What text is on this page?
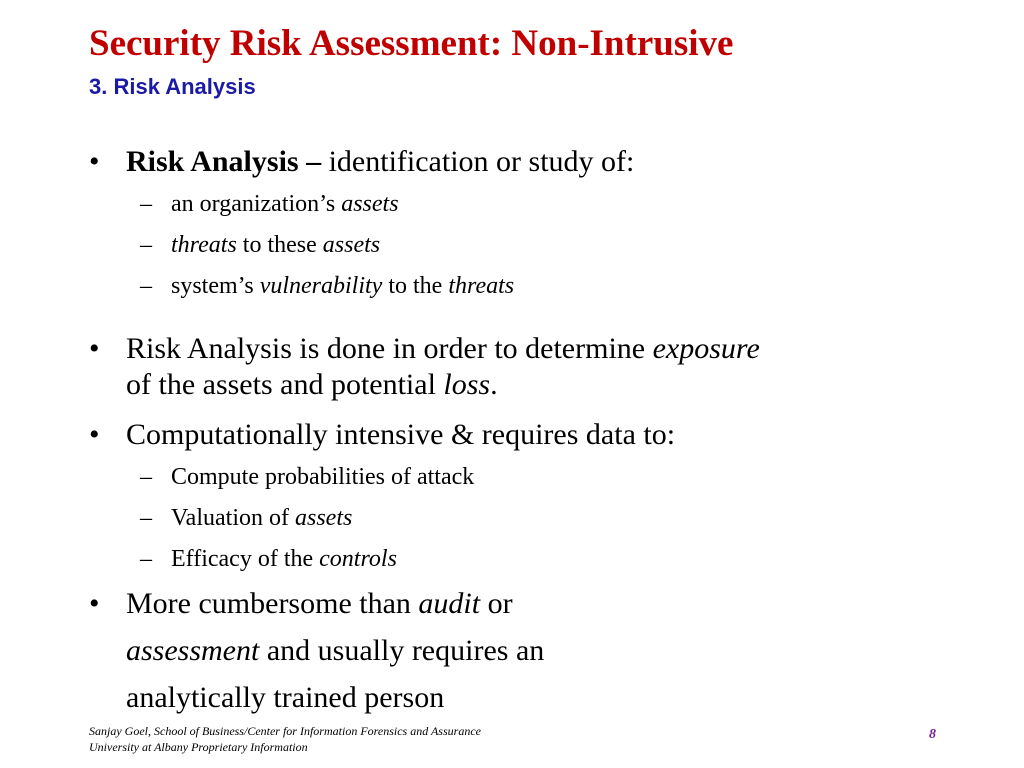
Security Risk Assessment: Non-Intrusive
3. Risk Analysis
• Risk Analysis – identification or study of:
– an organization’s assets
– threats to these assets
– system’s vulnerability to the threats
• Risk Analysis is done in order to determine exposure
of the assets and potential loss.
• Computationally intensive & requires data to:
– Compute probabilities of attack
– Valuation of assets
– Efficacy of the controls
• More cumbersome than audit or
assessment and usually requires an
analytically trained person
Sanjay Goel, School of Business/Center for Information Forensics and Assurance
University at Albany Proprietary Information
8
